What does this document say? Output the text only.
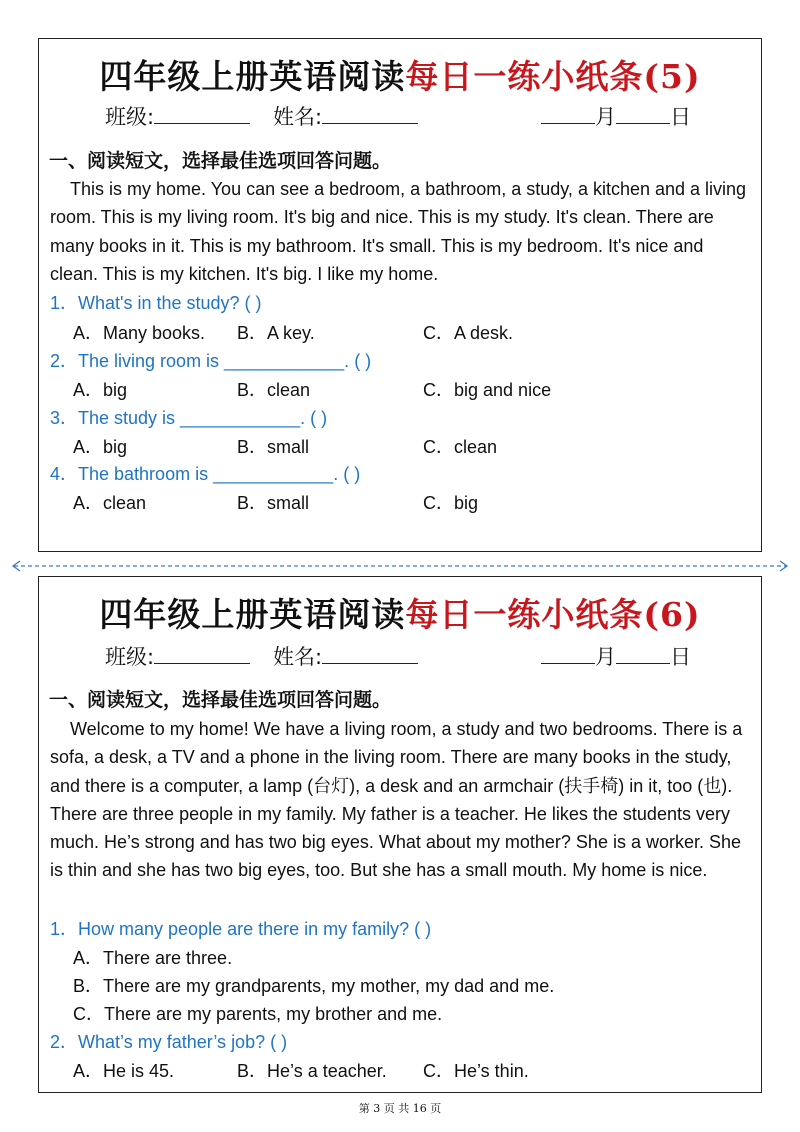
四年级上册英语阅读每日一练小纸条(5)
班级:	姓名:	月	日
一、阅读短文，选择最佳选项回答问题。

This is my home. You can see a bedroom, a bathroom, a study, a kitchen and a living room. This is my living room. It's big and nice. This is my study. It's clean. There are many books in it. This is my bathroom. It's small. This is my bedroom. It's nice and clean. This is my kitchen. It's big. I like my home.

1．What's in the study? ( )
A．Many books. B．A key.	C．A desk.
2．The living room is ____________. ( )
A．big	B．clean	C．big and nice
3．The study is ____________. ( )
A．big	B．small	C．clean
4．The bathroom is ____________. ( )
A．clean	B．small	C．big
四年级上册英语阅读每日一练小纸条(6)
班级:	姓名:	月	日
一、阅读短文，选择最佳选项回答问题。

Welcome to my home! We have a living room, a study and two bedrooms. There is a sofa, a desk, a TV and a phone in the living room. There are many books in the study, and there is a computer, a lamp (台灯), a desk and an armchair (扶手椅) in it, too (也). There are three people in my family. My father is a teacher. He likes the students very much. He’s strong and has two big eyes. What about my mother? She is a worker. She is thin and she has two big eyes, too. But she has a small mouth. My home is nice.

1．How many people are there in my family? ( )
A．There are three.
B．There are my grandparents, my mother, my dad and me.
C．There are my parents, my brother and me.
2．What’s my father’s job? ( )
A．He is 45.	B．He’s a teacher. C．He’s thin.
第 3 页 共 16 页
